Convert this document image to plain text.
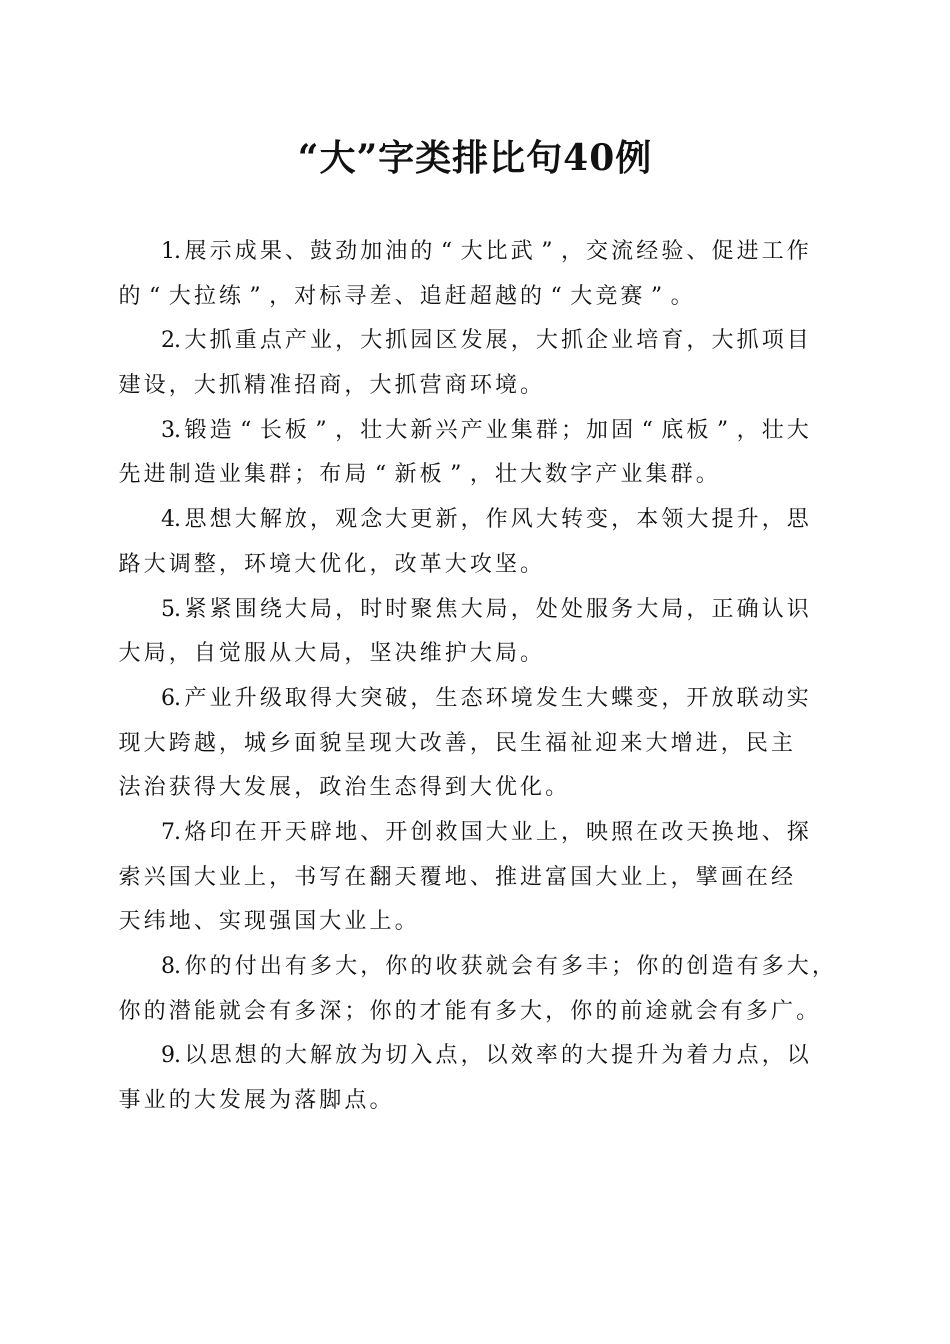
“大”字类排比句40例
1. 展 示 成 果 、 鼓 劲 加 油 的 “ 大 比 武 ” ， 交 流 经 验 、 促 进 工 作
的 “ 大 拉 练 ” ， 对 标 寻 差 、 追 赶 超 越 的 “ 大 竞 赛 ” 。
2. 大 抓 重 点 产 业 ， 大 抓 园 区 发 展 ， 大 抓 企 业 培 育 ， 大 抓 项 目
建 设 ， 大 抓 精 准 招 商 ， 大 抓 营 商 环 境 。
3. 锻 造 “ 长 板 ” ， 壮 大 新 兴 产 业 集 群 ； 加 固 “ 底 板 ” ， 壮 大
先 进 制 造 业 集 群 ； 布 局 “ 新 板 ” ， 壮 大 数 字 产 业 集 群 。
4. 思 想 大 解 放 ， 观 念 大 更 新 ， 作 风 大 转 变 ， 本 领 大 提 升 ， 思
路 大 调 整 ， 环 境 大 优 化 ， 改 革 大 攻 坚 。
5. 紧 紧 围 绕 大 局 ， 时 时 聚 焦 大 局 ， 处 处 服 务 大 局 ， 正 确 认 识
大 局 ， 自 觉 服 从 大 局 ， 坚 决 维 护 大 局 。
6. 产 业 升 级 取 得 大 突 破 ， 生 态 环 境 发 生 大 蝶 变 ， 开 放 联 动 实
现 大 跨 越 ， 城 乡 面 貌 呈 现 大 改 善 ， 民 生 福 祉 迎 来 大 增 进 ， 民 主
法 治 获 得 大 发 展 ， 政 治 生 态 得 到 大 优 化 。
7. 烙 印 在 开 天 辟 地 、 开 创 救 国 大 业 上 ， 映 照 在 改 天 换 地 、 探
索 兴 国 大 业 上 ， 书 写 在 翻 天 覆 地 、 推 进 富 国 大 业 上 ， 擘 画 在 经
天 纬 地 、 实 现 强 国 大 业 上 。
8. 你 的 付 出 有 多 大 ， 你 的 收 获 就 会 有 多 丰 ； 你 的 创 造 有 多 大 ，
你 的 潜 能 就 会 有 多 深 ； 你 的 才 能 有 多 大 ， 你 的 前 途 就 会 有 多 广 。
9. 以 思 想 的 大 解 放 为 切 入 点 ， 以 效 率 的 大 提 升 为 着 力 点 ， 以
事 业 的 大 发 展 为 落 脚 点 。
